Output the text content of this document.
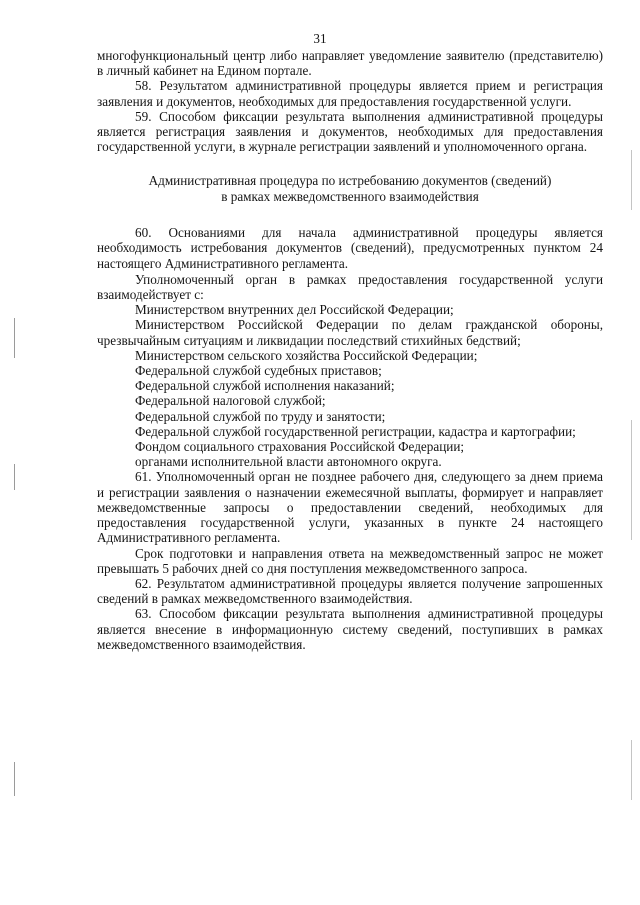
31

многофункциональный центр либо направляет уведомление заявителю (представителю) в личный кабинет на Едином портале.

58. Результатом административной процедуры является прием и регистрация заявления и документов, необходимых для предоставления государственной услуги.

59. Способом фиксации результата выполнения административной процедуры является регистрация заявления и документов, необходимых для предоставления государственной услуги, в журнале регистрации заявлений и уполномоченного органа.

Административная процедура по истребованию документов (сведений)
в рамках межведомственного взаимодействия

60. Основаниями для начала административной процедуры является необходимость истребования документов (сведений), предусмотренных пунктом 24 настоящего Административного регламента.

Уполномоченный орган в рамках предоставления государственной услуги взаимодействует с:

Министерством внутренних дел Российской Федерации;

Министерством Российской Федерации по делам гражданской обороны, чрезвычайным ситуациям и ликвидации последствий стихийных бедствий;

Министерством сельского хозяйства Российской Федерации;

Федеральной службой судебных приставов;

Федеральной службой исполнения наказаний;

Федеральной налоговой службой;

Федеральной службой по труду и занятости;

Федеральной службой государственной регистрации, кадастра и картографии;

Фондом социального страхования Российской Федерации;

органами исполнительной власти автономного округа.

61. Уполномоченный орган не позднее рабочего дня, следующего за днем приема и регистрации заявления о назначении ежемесячной выплаты, формирует и направляет межведомственные запросы о предоставлении сведений, необходимых для предоставления государственной услуги, указанных в пункте 24 настоящего Административного регламента.

Срок подготовки и направления ответа на межведомственный запрос не может превышать 5 рабочих дней со дня поступления межведомственного запроса.

62. Результатом административной процедуры является получение запрошенных сведений в рамках межведомственного взаимодействия.

63. Способом фиксации результата выполнения административной процедуры является внесение в информационную систему сведений, поступивших в рамках межведомственного взаимодействия.
